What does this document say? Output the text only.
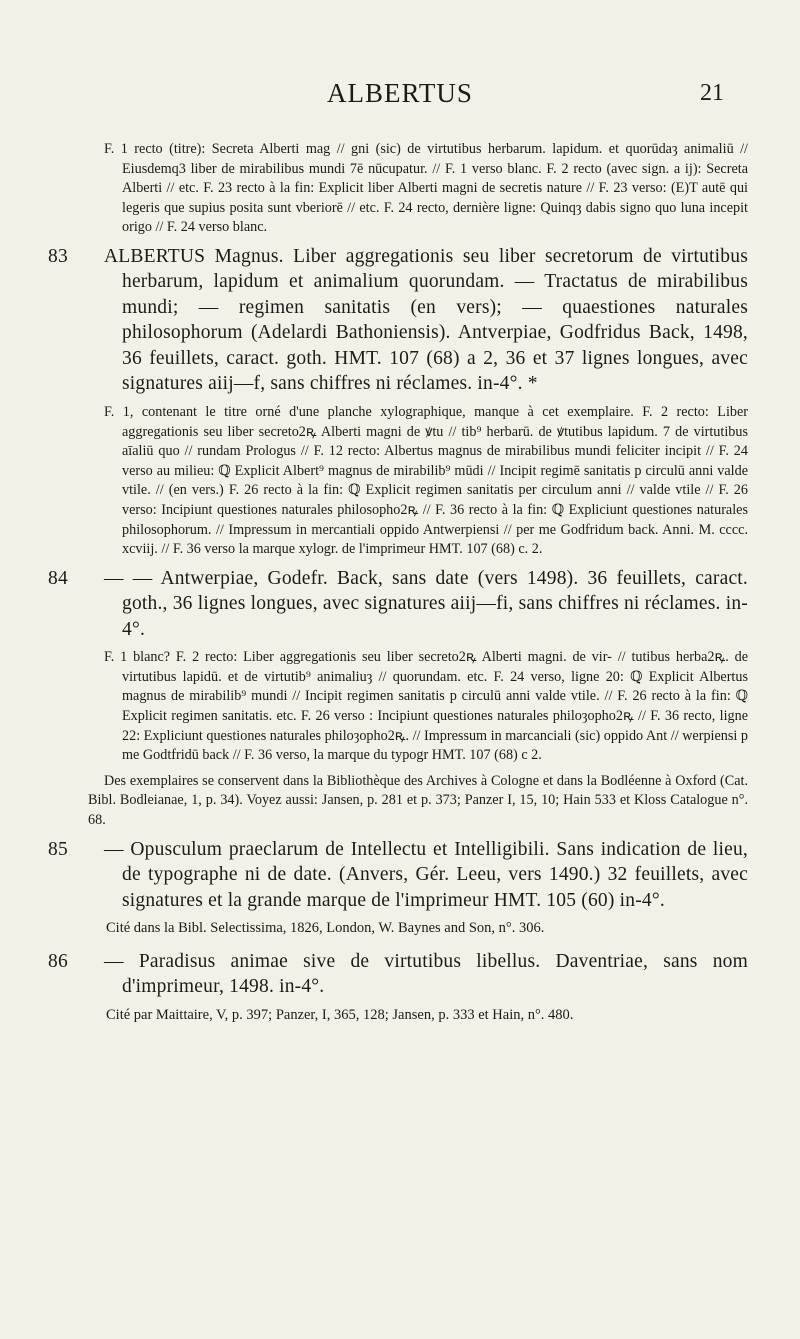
ALBERTUS	21

F. 1 recto (titre): Secreta Alberti mag // gni (sic) de virtutibus herbarum. lapidum. et quorūdaȝ animaliū // Eiusdemq3 liber de mirabilibus mundi 7ē nūcupatur. // F. 1 verso blanc. F. 2 recto (avec sign. a ij): Secreta Alberti // etc. F. 23 recto à la fin: Explicit liber Alberti magni de secretis nature // F. 23 verso: (E)T autē qui legeris que supius posita sunt vberiorē // etc. F. 24 recto, dernière ligne: Quinqȝ dabis signo quo luna incepit origo // F. 24 verso blanc.

83 ALBERTUS Magnus. Liber aggregationis seu liber secretorum de virtutibus herbarum, lapidum et animalium quorundam. — Tractatus de mirabilibus mundi; — regimen sanitatis (en vers); — quaestiones naturales philosophorum (Adelardi Bathoniensis). Antverpiae, Godfridus Back, 1498, 36 feuillets, caract. goth. HMT. 107 (68) a 2, 36 et 37 lignes longues, avec signatures aiij—f, sans chiffres ni réclames. in-4°. *

F. 1, contenant le titre orné d'une planche xylographique, manque à cet exemplaire. F. 2 recto: Liber aggregationis seu liber secreto2ꝶ Alberti magni de ꝟtu // tib⁹ herbarū. de ꝟtutibus lapidum. 7 de virtutibus aīaliū quo // rundam Prologus // F. 12 recto: Albertus magnus de mirabilibus mundi feliciter incipit // F. 24 verso au milieu: ℚ Explicit Albert⁹ magnus de mirabilib⁹ mūdi // Incipit regimē sanitatis p circulū anni valde vtile. // (en vers.) F. 26 recto à la fin: ℚ Explicit regimen sanitatis per circulum anni // valde vtile // F. 26 verso: Incipiunt questiones naturales philosopho2ꝶ // F. 36 recto à la fin: ℚ Expliciunt questiones naturales philosophorum. // Impressum in mercantiali oppido Antwerpiensi // per me Godfridum back. Anni. M. cccc. xcviij. // F. 36 verso la marque xylogr. de l'imprimeur HMT. 107 (68) c. 2.

84 — — Antwerpiae, Godefr. Back, sans date (vers 1498). 36 feuillets, caract. goth., 36 lignes longues, avec signatures aiij—fi, sans chiffres ni réclames. in-4°.

F. 1 blanc? F. 2 recto: Liber aggregationis seu liber secreto2ꝶ Alberti magni. de vir- // tutibus herba2ꝶ. de virtutibus lapidū. et de virtutib⁹ animaliuȝ // quorundam. etc. F. 24 verso, ligne 20: ℚ Explicit Albertus magnus de mirabilib⁹ mundi // Incipit regimen sanitatis p circulū anni valde vtile. // F. 26 recto à la fin: ℚ Explicit regimen sanitatis. etc. F. 26 verso : Incipiunt questiones naturales philoȝopho2ꝶ // F. 36 recto, ligne 22: Expliciunt questiones naturales philoȝopho2ꝶ. // Impressum in marcanciali (sic) oppido Ant // werpiensi p me Godtfridū back // F. 36 verso, la marque du typogr HMT. 107 (68) c 2.

Des exemplaires se conservent dans la Bibliothèque des Archives à Cologne et dans la Bodléenne à Oxford (Cat. Bibl. Bodleianae, 1, p. 34). Voyez aussi: Jansen, p. 281 et p. 373; Panzer I, 15, 10; Hain 533 et Kloss Catalogue n°. 68.

85 — Opusculum praeclarum de Intellectu et Intelligibili. Sans indication de lieu, de typographe ni de date. (Anvers, Gér. Leeu, vers 1490.) 32 feuillets, avec signatures et la grande marque de l'imprimeur HMT. 105 (60) in-4°.

Cité dans la Bibl. Selectissima, 1826, London, W. Baynes and Son, n°. 306.

86 — Paradisus animae sive de virtutibus libellus. Daventriae, sans nom d'imprimeur, 1498. in-4°.

Cité par Maittaire, V, p. 397; Panzer, I, 365, 128; Jansen, p. 333 et Hain, n°. 480.
